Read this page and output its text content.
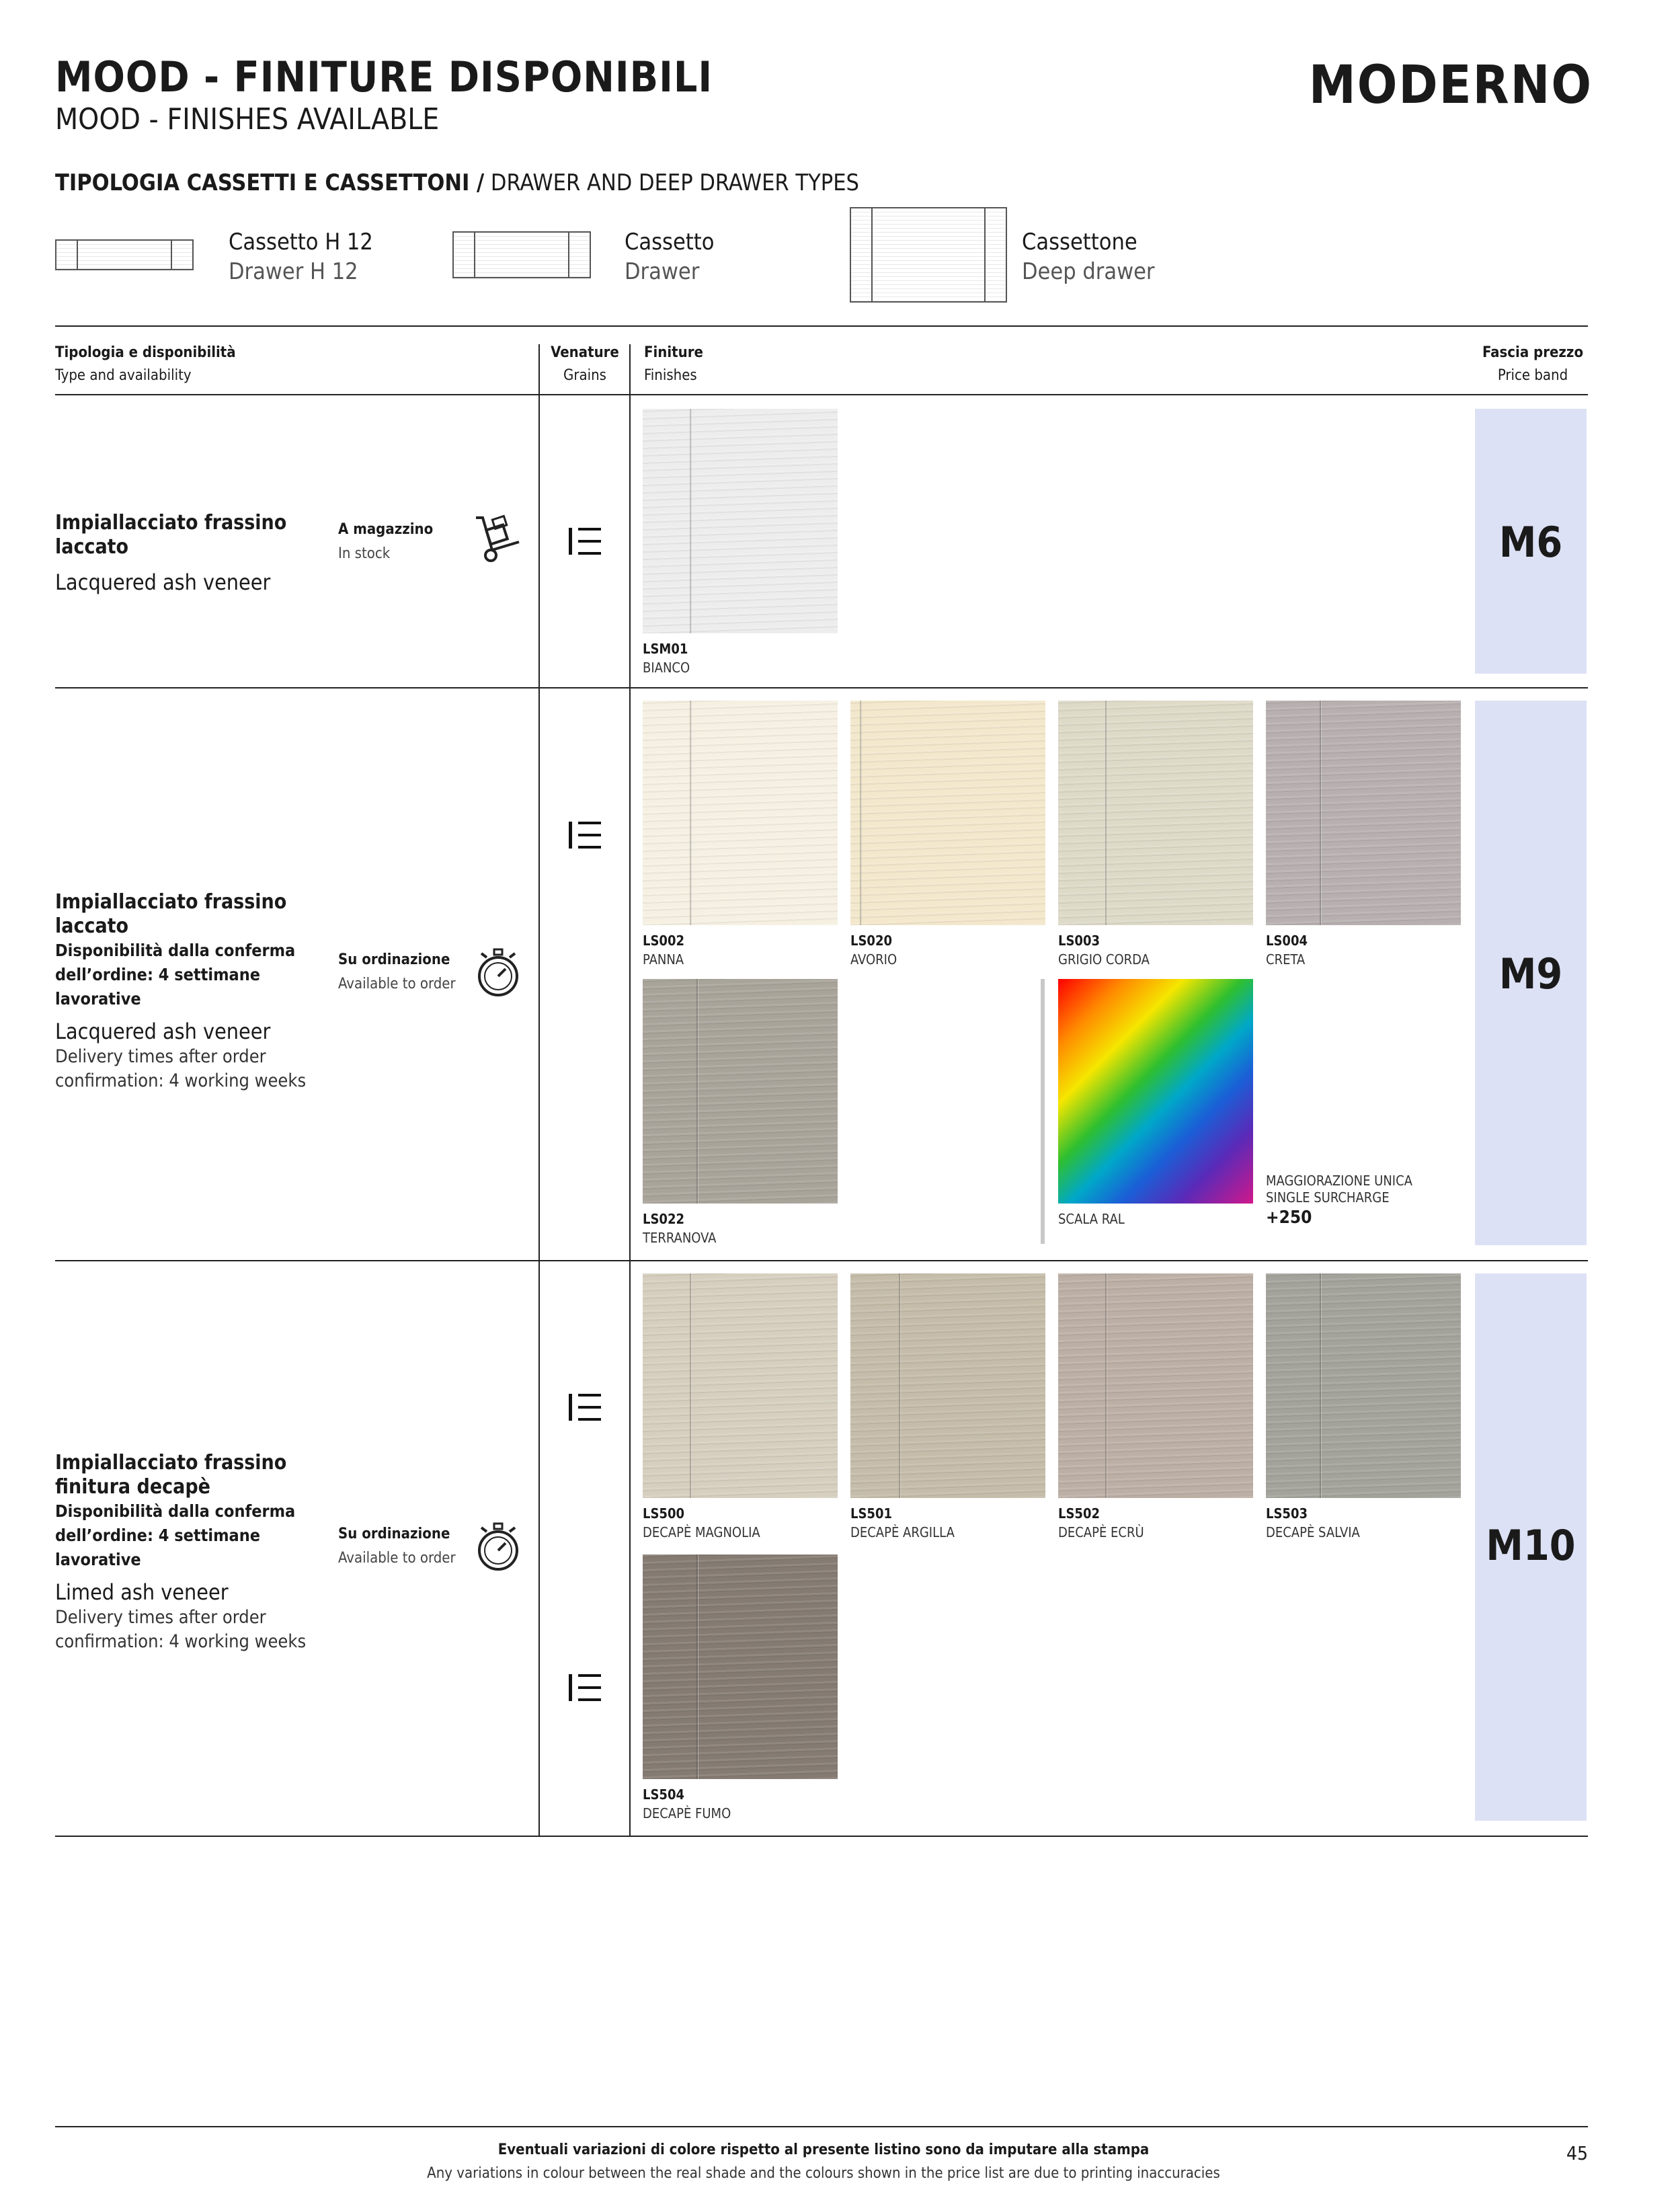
MOOD - FINITURE DISPONIBILI
MOOD - FINISHES AVAILABLE
MODERNO
TIPOLOGIA CASSETTI E CASSETTONI / DRAWER AND DEEP DRAWER TYPES
Cassetto H 12
Drawer H 12
Cassetto
Drawer
Cassettone
Deep drawer
Tipologia e disponibilità
Type and availability
Venature
Grains
Finiture
Finishes
Fascia prezzo
Price band
Impiallacciato frassino laccato
Lacquered ash veneer
A magazzino
In stock
LSM01
BIANCO
M6
Impiallacciato frassino laccato
Disponibilità dalla conferma
dell’ordine: 4 settimane lavorative
Lacquered ash veneer
Delivery times after order
confirmation: 4 working weeks
Su ordinazione
Available to order
LS002
PANNA
LS020
AVORIO
LS003
GRIGIO CORDA
LS004
CRETA
LS022
TERRANOVA
SCALA RAL
MAGGIORAZIONE UNICA
SINGLE SURCHARGE
+250
M9
Impiallacciato frassino
finitura decapè
Disponibilità dalla conferma
dell’ordine: 4 settimane lavorative
Limed ash veneer
Delivery times after order
confirmation: 4 working weeks
Su ordinazione
Available to order
LS500
DECAPÈ MAGNOLIA
LS501
DECAPÈ ARGILLA
LS502
DECAPÈ ECRÙ
LS503
DECAPÈ SALVIA
LS504
DECAPÈ FUMO
M10
Eventuali variazioni di colore rispetto al presente listino sono da imputare alla stampa
Any variations in colour between the real shade and the colours shown in the price list are due to printing inaccuracies
45
